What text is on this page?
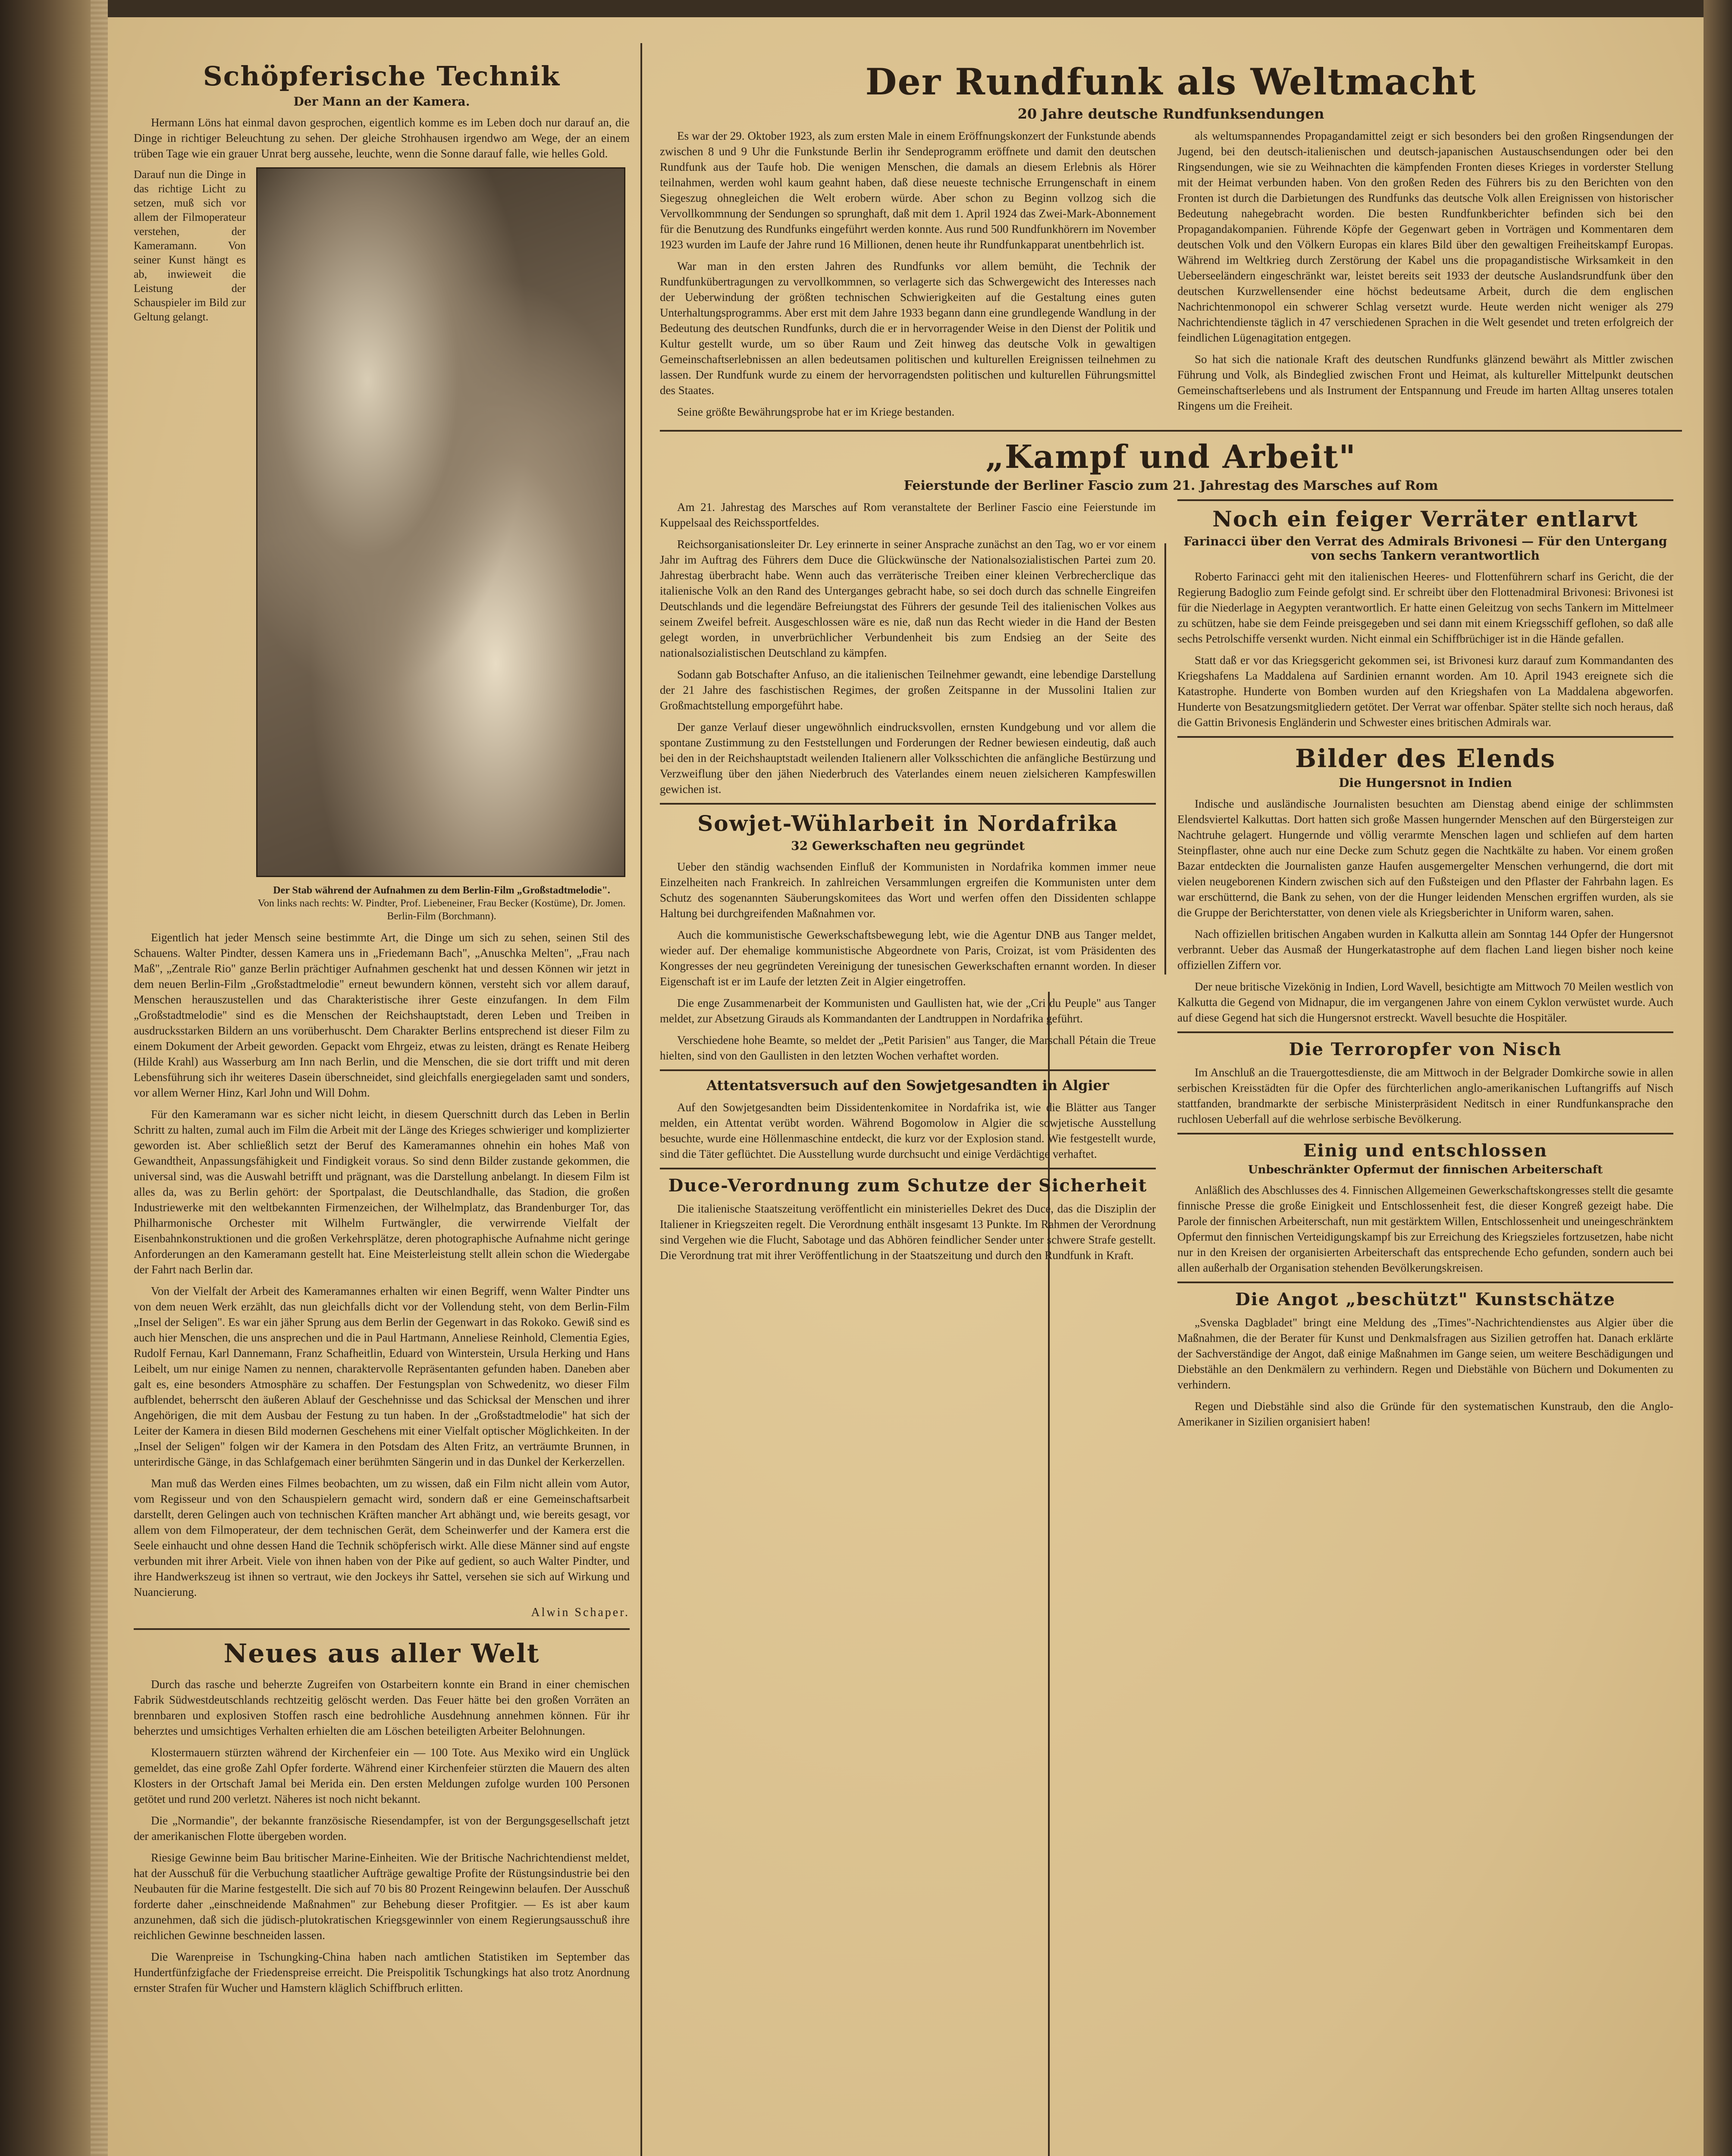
Schöpferische Technik
Der Mann an der Kamera.

Hermann Löns hat einmal davon gesprochen, eigentlich komme es im Leben doch nur darauf an, die Dinge in richtiger Beleuchtung zu sehen. Der gleiche Strohhausen irgendwo am Wege, der an einem trüben Tage wie ein grauer Unrat berg aussehe, leuchte, wenn die Sonne darauf falle, wie helles Gold.

Darauf nun die Dinge in das richtige Licht zu setzen, muß sich vor allem der Filmoperateur verstehen, der Kameramann. Von seiner Kunst hängt es ab, inwieweit die Leistung der Schauspieler im Bild zur Geltung gelangt.

Der Stab während der Aufnahmen zu dem Berlin-Film „Großstadtmelodie".
Von links nach rechts: W. Pindter, Prof. Liebeneiner, Frau Becker (Kostüme), Dr. Jomen. Berlin-Film (Borchmann).

Eigentlich hat jeder Mensch seine bestimmte Art, die Dinge um sich zu sehen, seinen Stil des Schauens. Walter Pindter, dessen Kamera uns in „Friedemann Bach", „Anuschka Melten", „Frau nach Maß", „Zentrale Rio" ganze Berlin prächtiger Aufnahmen geschenkt hat und dessen Können wir jetzt in dem neuen Berlin-Film „Großstadtmelodie" erneut bewundern können, versteht sich vor allem darauf, Menschen herauszustellen und das Charakteristische ihrer Geste einzufangen. In dem Film „Großstadtmelodie" sind es die Menschen der Reichshauptstadt, deren Leben und Treiben in ausdrucksstarken Bildern an uns vorüberhuscht. Dem Charakter Berlins entsprechend ist dieser Film zu einem Dokument der Arbeit geworden. Gepackt vom Ehrgeiz, etwas zu leisten, drängt es Renate Heiberg (Hilde Krahl) aus Wasserburg am Inn nach Berlin, und die Menschen, die sie dort trifft und mit deren Lebensführung sich ihr weiteres Dasein überschneidet, sind gleichfalls energiegeladen samt und sonders, vor allem Werner Hinz, Karl John und Will Dohm.

Für den Kameramann war es sicher nicht leicht, in diesem Querschnitt durch das Leben in Berlin Schritt zu halten, zumal auch im Film die Arbeit mit der Länge des Krieges schwieriger und komplizierter geworden ist. Aber schließlich setzt der Beruf des Kameramannes ohnehin ein hohes Maß von Gewandtheit, Anpassungsfähigkeit und Findigkeit voraus. So sind denn Bilder zustande gekommen, die universal sind, was die Auswahl betrifft und prägnant, was die Darstellung anbelangt. In diesem Film ist alles da, was zu Berlin gehört: der Sportpalast, die Deutschlandhalle, das Stadion, die großen Industriewerke mit den weltbekannten Firmenzeichen, der Wilhelmplatz, das Brandenburger Tor, das Philharmonische Orchester mit Wilhelm Furtwängler, die verwirrende Vielfalt der Eisenbahnkonstruktionen und die großen Verkehrsplätze, deren photographische Aufnahme nicht geringe Anforderungen an den Kameramann gestellt hat. Eine Meisterleistung stellt allein schon die Wiedergabe der Fahrt nach Berlin dar.

Von der Vielfalt der Arbeit des Kameramannes erhalten wir einen Begriff, wenn Walter Pindter uns von dem neuen Werk erzählt, das nun gleichfalls dicht vor der Vollendung steht, von dem Berlin-Film „Insel der Seligen". Es war ein jäher Sprung aus dem Berlin der Gegenwart in das Rokoko. Gewiß sind es auch hier Menschen, die uns ansprechen und die in Paul Hartmann, Anneliese Reinhold, Clementia Egies, Rudolf Fernau, Karl Dannemann, Franz Schafheitlin, Eduard von Winterstein, Ursula Herking und Hans Leibelt, um nur einige Namen zu nennen, charaktervolle Repräsentanten gefunden haben. Daneben aber galt es, eine besonders Atmosphäre zu schaffen. Der Festungsplan von Schwedenitz, wo dieser Film aufblendet, beherrscht den äußeren Ablauf der Geschehnisse und das Schicksal der Menschen und ihrer Angehörigen, die mit dem Ausbau der Festung zu tun haben. In der „Großstadtmelodie" hat sich der Leiter der Kamera in diesen Bild modernen Geschehens mit einer Vielfalt optischer Möglichkeiten. In der „Insel der Seligen" folgen wir der Kamera in den Potsdam des Alten Fritz, an verträumte Brunnen, in unterirdische Gänge, in das Schlafgemach einer berühmten Sängerin und in das Dunkel der Kerkerzellen.

Man muß das Werden eines Filmes beobachten, um zu wissen, daß ein Film nicht allein vom Autor, vom Regisseur und von den Schauspielern gemacht wird, sondern daß er eine Gemeinschaftsarbeit darstellt, deren Gelingen auch von technischen Kräften mancher Art abhängt und, wie bereits gesagt, vor allem von dem Filmoperateur, der dem technischen Gerät, dem Scheinwerfer und der Kamera erst die Seele einhaucht und ohne dessen Hand die Technik schöpferisch wirkt. Alle diese Männer sind auf engste verbunden mit ihrer Arbeit. Viele von ihnen haben von der Pike auf gedient, so auch Walter Pindter, und ihre Handwerkszeug ist ihnen so vertraut, wie den Jockeys ihr Sattel, versehen sie sich auf Wirkung und Nuancierung.

Alwin Schaper.
Neues aus aller Welt

Durch das rasche und beherzte Zugreifen von Ostarbeitern konnte ein Brand in einer chemischen Fabrik Südwestdeutschlands rechtzeitig gelöscht werden. Das Feuer hätte bei den großen Vorräten an brennbaren und explosiven Stoffen rasch eine bedrohliche Ausdehnung annehmen können. Für ihr beherztes und umsichtiges Verhalten erhielten die am Löschen beteiligten Arbeiter Belohnungen.

Klostermauern stürzten während der Kirchenfeier ein — 100 Tote. Aus Mexiko wird ein Unglück gemeldet, das eine große Zahl Opfer forderte. Während einer Kirchenfeier stürzten die Mauern des alten Klosters in der Ortschaft Jamal bei Merida ein. Den ersten Meldungen zufolge wurden 100 Personen getötet und rund 200 verletzt. Näheres ist noch nicht bekannt.

Die „Normandie", der bekannte französische Riesendampfer, ist von der Bergungsgesellschaft jetzt der amerikanischen Flotte übergeben worden.

Riesige Gewinne beim Bau britischer Marine-Einheiten. Wie der Britische Nachrichtendienst meldet, hat der Ausschuß für die Verbuchung staatlicher Aufträge gewaltige Profite der Rüstungsindustrie bei den Neubauten für die Marine festgestellt. Die sich auf 70 bis 80 Prozent Reingewinn belaufen. Der Ausschuß forderte daher „einschneidende Maßnahmen" zur Behebung dieser Profitgier. — Es ist aber kaum anzunehmen, daß sich die jüdisch-plutokratischen Kriegsgewinnler von einem Regierungsausschuß ihre reichlichen Gewinne beschneiden lassen.

Die Warenpreise in Tschungking-China haben nach amtlichen Statistiken im September das Hundertfünfzigfache der Friedenspreise erreicht. Die Preispolitik Tschungkings hat also trotz Anordnung ernster Strafen für Wucher und Hamstern kläglich Schiffbruch erlitten.

Der Rundfunk als Weltmacht
20 Jahre deutsche Rundfunksendungen

Es war der 29. Oktober 1923, als zum ersten Male in einem Eröffnungskonzert der Funkstunde abends zwischen 8 und 9 Uhr die Funkstunde Berlin ihr Sendeprogramm eröffnete und damit den deutschen Rundfunk aus der Taufe hob. Die wenigen Menschen, die damals an diesem Erlebnis als Hörer teilnahmen, werden wohl kaum geahnt haben, daß diese neueste technische Errungenschaft in einem Siegeszug ohnegleichen die Welt erobern würde. Aber schon zu Beginn vollzog sich die Vervollkommnung der Sendungen so sprunghaft, daß mit dem 1. April 1924 das Zwei-Mark-Abonnement für die Benutzung des Rundfunks eingeführt werden konnte. Aus rund 500 Rundfunkhörern im November 1923 wurden im Laufe der Jahre rund 16 Millionen, denen heute ihr Rundfunkapparat unentbehrlich ist.

War man in den ersten Jahren des Rundfunks vor allem bemüht, die Technik der Rundfunkübertragungen zu vervollkommnen, so verlagerte sich das Schwergewicht des Interesses nach der Ueberwindung der größten technischen Schwierigkeiten auf die Gestaltung eines guten Unterhaltungsprogramms. Aber erst mit dem Jahre 1933 begann dann eine grundlegende Wandlung in der Bedeutung des deutschen Rundfunks, durch die er in hervorragender Weise in den Dienst der Politik und Kultur gestellt wurde, um so über Raum und Zeit hinweg das deutsche Volk in gewaltigen Gemeinschaftserlebnissen an allen bedeutsamen politischen und kulturellen Ereignissen teilnehmen zu lassen. Der Rundfunk wurde zu einem der hervorragendsten politischen und kulturellen Führungsmittel des Staates.

Seine größte Bewährungsprobe hat er im Kriege bestanden.

als weltumspannendes Propagandamittel zeigt er sich besonders bei den großen Ringsendungen der Jugend, bei den deutsch-italienischen und deutsch-japanischen Austauschsendungen oder bei den Ringsendungen, wie sie zu Weihnachten die kämpfenden Fronten dieses Krieges in vorderster Stellung mit der Heimat verbunden haben. Von den großen Reden des Führers bis zu den Berichten von den Fronten ist durch die Darbietungen des Rundfunks das deutsche Volk allen Ereignissen von historischer Bedeutung nahegebracht worden. Die besten Rundfunkberichter befinden sich bei den Propagandakompanien. Führende Köpfe der Gegenwart geben in Vorträgen und Kommentaren dem deutschen Volk und den Völkern Europas ein klares Bild über den gewaltigen Freiheitskampf Europas. Während im Weltkrieg durch Zerstörung der Kabel uns die propagandistische Wirksamkeit in den Ueberseeländern eingeschränkt war, leistet bereits seit 1933 der deutsche Auslandsrundfunk über den deutschen Kurzwellensender eine höchst bedeutsame Arbeit, durch die dem englischen Nachrichtenmonopol ein schwerer Schlag versetzt wurde. Heute werden nicht weniger als 279 Nachrichtendienste täglich in 47 verschiedenen Sprachen in die Welt gesendet und treten erfolgreich der feindlichen Lügenagitation entgegen.

So hat sich die nationale Kraft des deutschen Rundfunks glänzend bewährt als Mittler zwischen Führung und Volk, als Bindeglied zwischen Front und Heimat, als kultureller Mittelpunkt deutschen Gemeinschaftserlebens und als Instrument der Entspannung und Freude im harten Alltag unseres totalen Ringens um die Freiheit.

„Kampf und Arbeit"
Feierstunde der Berliner Fascio zum 21. Jahrestag des Marsches auf Rom

Am 21. Jahrestag des Marsches auf Rom veranstaltete der Berliner Fascio eine Feierstunde im Kuppelsaal des Reichssportfeldes.

Reichsorganisationsleiter Dr. Ley erinnerte in seiner Ansprache zunächst an den Tag, wo er vor einem Jahr im Auftrag des Führers dem Duce die Glückwünsche der Nationalsozialistischen Partei zum 20. Jahrestag überbracht habe. Wenn auch das verräterische Treiben einer kleinen Verbrecherclique das italienische Volk an den Rand des Unterganges gebracht habe, so sei doch durch das schnelle Eingreifen Deutschlands und die legendäre Befreiungstat des Führers der gesunde Teil des italienischen Volkes aus seinem Zweifel befreit. Ausgeschlossen wäre es nie, daß nun das Recht wieder in die Hand der Besten gelegt worden, in unverbrüchlicher Verbundenheit bis zum Endsieg an der Seite des nationalsozialistischen Deutschland zu kämpfen.

Sodann gab Botschafter Anfuso, an die italienischen Teilnehmer gewandt, eine lebendige Darstellung der 21 Jahre des faschistischen Regimes, der großen Zeitspanne in der Mussolini Italien zur Großmachtstellung emporgeführt habe.

Der ganze Verlauf dieser ungewöhnlich eindrucksvollen, ernsten Kundgebung und vor allem die spontane Zustimmung zu den Feststellungen und Forderungen der Redner bewiesen eindeutig, daß auch bei den in der Reichshauptstadt weilenden Italienern aller Volksschichten die anfängliche Bestürzung und Verzweiflung über den jähen Niederbruch des Vaterlandes einem neuen zielsicheren Kampfeswillen gewichen ist.

Sowjet-Wühlarbeit in Nordafrika
32 Gewerkschaften neu gegründet

Ueber den ständig wachsenden Einfluß der Kommunisten in Nordafrika kommen immer neue Einzelheiten nach Frankreich. In zahlreichen Versammlungen ergreifen die Kommunisten unter dem Schutz des sogenannten Säuberungskomitees das Wort und werfen offen den Dissidenten schlappe Haltung bei durchgreifenden Maßnahmen vor.

Auch die kommunistische Gewerkschaftsbewegung lebt, wie die Agentur DNB aus Tanger meldet, wieder auf. Der ehemalige kommunistische Abgeordnete von Paris, Croizat, ist vom Präsidenten des Kongresses der neu gegründeten Vereinigung der tunesischen Gewerkschaften ernannt worden. In dieser Eigenschaft ist er im Laufe der letzten Zeit in Algier eingetroffen.

Die enge Zusammenarbeit der Kommunisten und Gaullisten hat, wie der „Cri du Peuple" aus Tanger meldet, zur Absetzung Girauds als Kommandanten der Landtruppen in Nordafrika geführt.

Verschiedene hohe Beamte, so meldet der „Petit Parisien" aus Tanger, die Marschall Pétain die Treue hielten, sind von den Gaullisten in den letzten Wochen verhaftet worden.

Attentatsversuch auf den Sowjetgesandten in Algier

Auf den Sowjetgesandten beim Dissidentenkomitee in Nordafrika ist, wie die Blätter aus Tanger melden, ein Attentat verübt worden. Während Bogomolow in Algier die sowjetische Ausstellung besuchte, wurde eine Höllenmaschine entdeckt, die kurz vor der Explosion stand. Wie festgestellt wurde, sind die Täter geflüchtet. Die Ausstellung wurde durchsucht und einige Verdächtige verhaftet.

Duce-Verordnung zum Schutze der Sicherheit

Die italienische Staatszeitung veröffentlicht ein ministerielles Dekret des Duce, das die Disziplin der Italiener in Kriegszeiten regelt. Die Verordnung enthält insgesamt 13 Punkte. Im Rahmen der Verordnung sind Vergehen wie die Flucht, Sabotage und das Abhören feindlicher Sender unter schwere Strafe gestellt. Die Verordnung trat mit ihrer Veröffentlichung in der Staatszeitung und durch den Rundfunk in Kraft.

Noch ein feiger Verräter entlarvt
Farinacci über den Verrat des Admirals Brivonesi — Für den Untergang von sechs Tankern verantwortlich

Roberto Farinacci geht mit den italienischen Heeres- und Flottenführern scharf ins Gericht, die der Regierung Badoglio zum Feinde gefolgt sind. Er schreibt über den Flottenadmiral Brivonesi: Brivonesi ist für die Niederlage in Aegypten verantwortlich. Er hatte einen Geleitzug von sechs Tankern im Mittelmeer zu schützen, habe sie dem Feinde preisgegeben und sei dann mit einem Kriegsschiff geflohen, so daß alle sechs Petrolschiffe versenkt wurden. Nicht einmal ein Schiffbrüchiger ist in die Hände gefallen.

Statt daß er vor das Kriegsgericht gekommen sei, ist Brivonesi kurz darauf zum Kommandanten des Kriegshafens La Maddalena auf Sardinien ernannt worden. Am 10. April 1943 ereignete sich die Katastrophe. Hunderte von Bomben wurden auf den Kriegshafen von La Maddalena abgeworfen. Hunderte von Besatzungsmitgliedern getötet. Der Verrat war offenbar. Später stellte sich noch heraus, daß die Gattin Brivonesis Engländerin und Schwester eines britischen Admirals war.

Bilder des Elends
Die Hungersnot in Indien

Indische und ausländische Journalisten besuchten am Dienstag abend einige der schlimmsten Elendsviertel Kalkuttas. Dort hatten sich große Massen hungernder Menschen auf den Bürgersteigen zur Nachtruhe gelagert. Hungernde und völlig verarmte Menschen lagen und schliefen auf dem harten Steinpflaster, ohne auch nur eine Decke zum Schutz gegen die Nachtkälte zu haben. Vor einem großen Bazar entdeckten die Journalisten ganze Haufen ausgemergelter Menschen verhungernd, die dort mit vielen neugeborenen Kindern zwischen sich auf den Fußsteigen und den Pflaster der Fahrbahn lagen. Es war erschütternd, die Bank zu sehen, von der die Hunger leidenden Menschen ergriffen wurden, als sie die Gruppe der Berichterstatter, von denen viele als Kriegsberichter in Uniform waren, sahen.

Nach offiziellen britischen Angaben wurden in Kalkutta allein am Sonntag 144 Opfer der Hungersnot verbrannt. Ueber das Ausmaß der Hungerkatastrophe auf dem flachen Land liegen bisher noch keine offiziellen Ziffern vor.

Der neue britische Vizekönig in Indien, Lord Wavell, besichtigte am Mittwoch 70 Meilen westlich von Kalkutta die Gegend von Midnapur, die im vergangenen Jahre von einem Cyklon verwüstet wurde. Auch auf diese Gegend hat sich die Hungersnot erstreckt. Wavell besuchte die Hospitäler.

Die Terroropfer von Nisch

Im Anschluß an die Trauergottesdienste, die am Mittwoch in der Belgrader Domkirche sowie in allen serbischen Kreisstädten für die Opfer des fürchterlichen anglo-amerikanischen Luftangriffs auf Nisch stattfanden, brandmarkte der serbische Ministerpräsident Neditsch in einer Rundfunkansprache den ruchlosen Ueberfall auf die wehrlose serbische Bevölkerung.

Einig und entschlossen
Unbeschränkter Opfermut der finnischen Arbeiterschaft

Anläßlich des Abschlusses des 4. Finnischen Allgemeinen Gewerkschaftskongresses stellt die gesamte finnische Presse die große Einigkeit und Entschlossenheit fest, die dieser Kongreß gezeigt habe. Die Parole der finnischen Arbeiterschaft, nun mit gestärktem Willen, Entschlossenheit und uneingeschränktem Opfermut den finnischen Verteidigungskampf bis zur Erreichung des Kriegszieles fortzusetzen, habe nicht nur in den Kreisen der organisierten Arbeiterschaft das entsprechende Echo gefunden, sondern auch bei allen außerhalb der Organisation stehenden Bevölkerungskreisen.

Die Angot „beschützt" Kunstschätze

„Svenska Dagbladet" bringt eine Meldung des „Times"-Nachrichtendienstes aus Algier über die Maßnahmen, die der Berater für Kunst und Denkmalsfragen aus Sizilien getroffen hat. Danach erklärte der Sachverständige der Angot, daß einige Maßnahmen im Gange seien, um weitere Beschädigungen und Diebstähle an den Denkmälern zu verhindern. Regen und Diebstähle von Büchern und Dokumenten zu verhindern.

Regen und Diebstähle sind also die Gründe für den systematischen Kunstraub, den die Anglo-Amerikaner in Sizilien organisiert haben!
